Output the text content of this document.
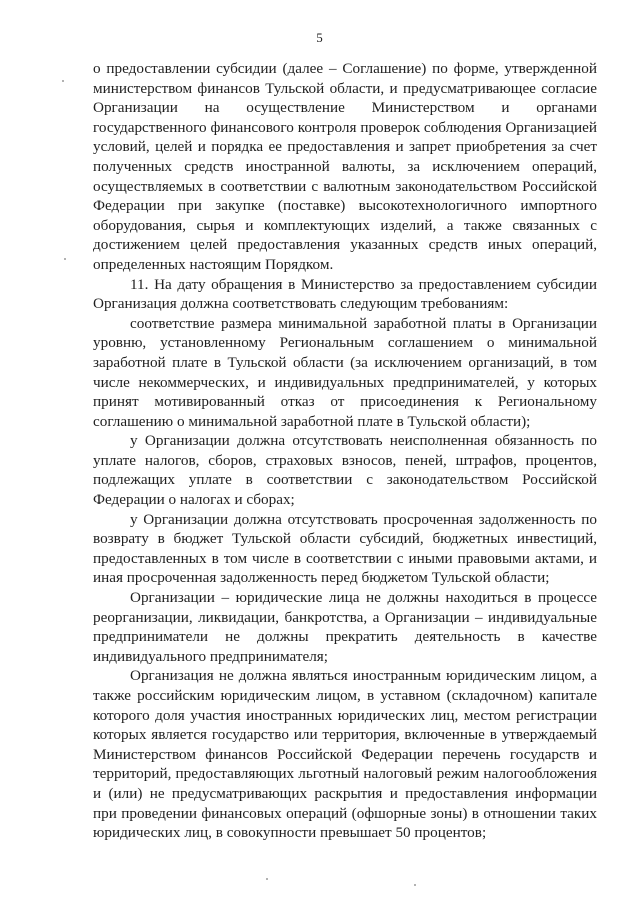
5

о предоставлении субсидии (далее – Соглашение) по форме, утвержденной министерством финансов Тульской области, и предусматривающее согласие Организации на осуществление Министерством и органами государственного финансового контроля проверок соблюдения Организацией условий, целей и порядка ее предоставления и запрет приобретения за счет полученных средств иностранной валюты, за исключением операций, осуществляемых в соответствии с валютным законодательством Российской Федерации при закупке (поставке) высокотехнологичного импортного оборудования, сырья и комплектующих изделий, а также связанных с достижением целей предоставления указанных средств иных операций, определенных настоящим Порядком.

11. На дату обращения в Министерство за предоставлением субсидии Организация должна соответствовать следующим требованиям:

соответствие размера минимальной заработной платы в Организации уровню, установленному Региональным соглашением о минимальной заработной плате в Тульской области (за исключением организаций, в том числе некоммерческих, и индивидуальных предпринимателей, у которых принят мотивированный отказ от присоединения к Региональному соглашению о минимальной заработной плате в Тульской области);

у Организации должна отсутствовать неисполненная обязанность по уплате налогов, сборов, страховых взносов, пеней, штрафов, процентов, подлежащих уплате в соответствии с законодательством Российской Федерации о налогах и сборах;

у Организации должна отсутствовать просроченная задолженность по возврату в бюджет Тульской области субсидий, бюджетных инвестиций, предоставленных в том числе в соответствии с иными правовыми актами, и иная просроченная задолженность перед бюджетом Тульской области;

Организации – юридические лица не должны находиться в процессе реорганизации, ликвидации, банкротства, а Организации – индивидуальные предприниматели не должны прекратить деятельность в качестве индивидуального предпринимателя;

Организация не должна являться иностранным юридическим лицом, а также российским юридическим лицом, в уставном (складочном) капитале которого доля участия иностранных юридических лиц, местом регистрации которых является государство или территория, включенные в утверждаемый Министерством финансов Российской Федерации перечень государств и территорий, предоставляющих льготный налоговый режим налогообложения и (или) не предусматривающих раскрытия и предоставления информации при проведении финансовых операций (офшорные зоны) в отношении таких юридических лиц, в совокупности превышает 50 процентов;
